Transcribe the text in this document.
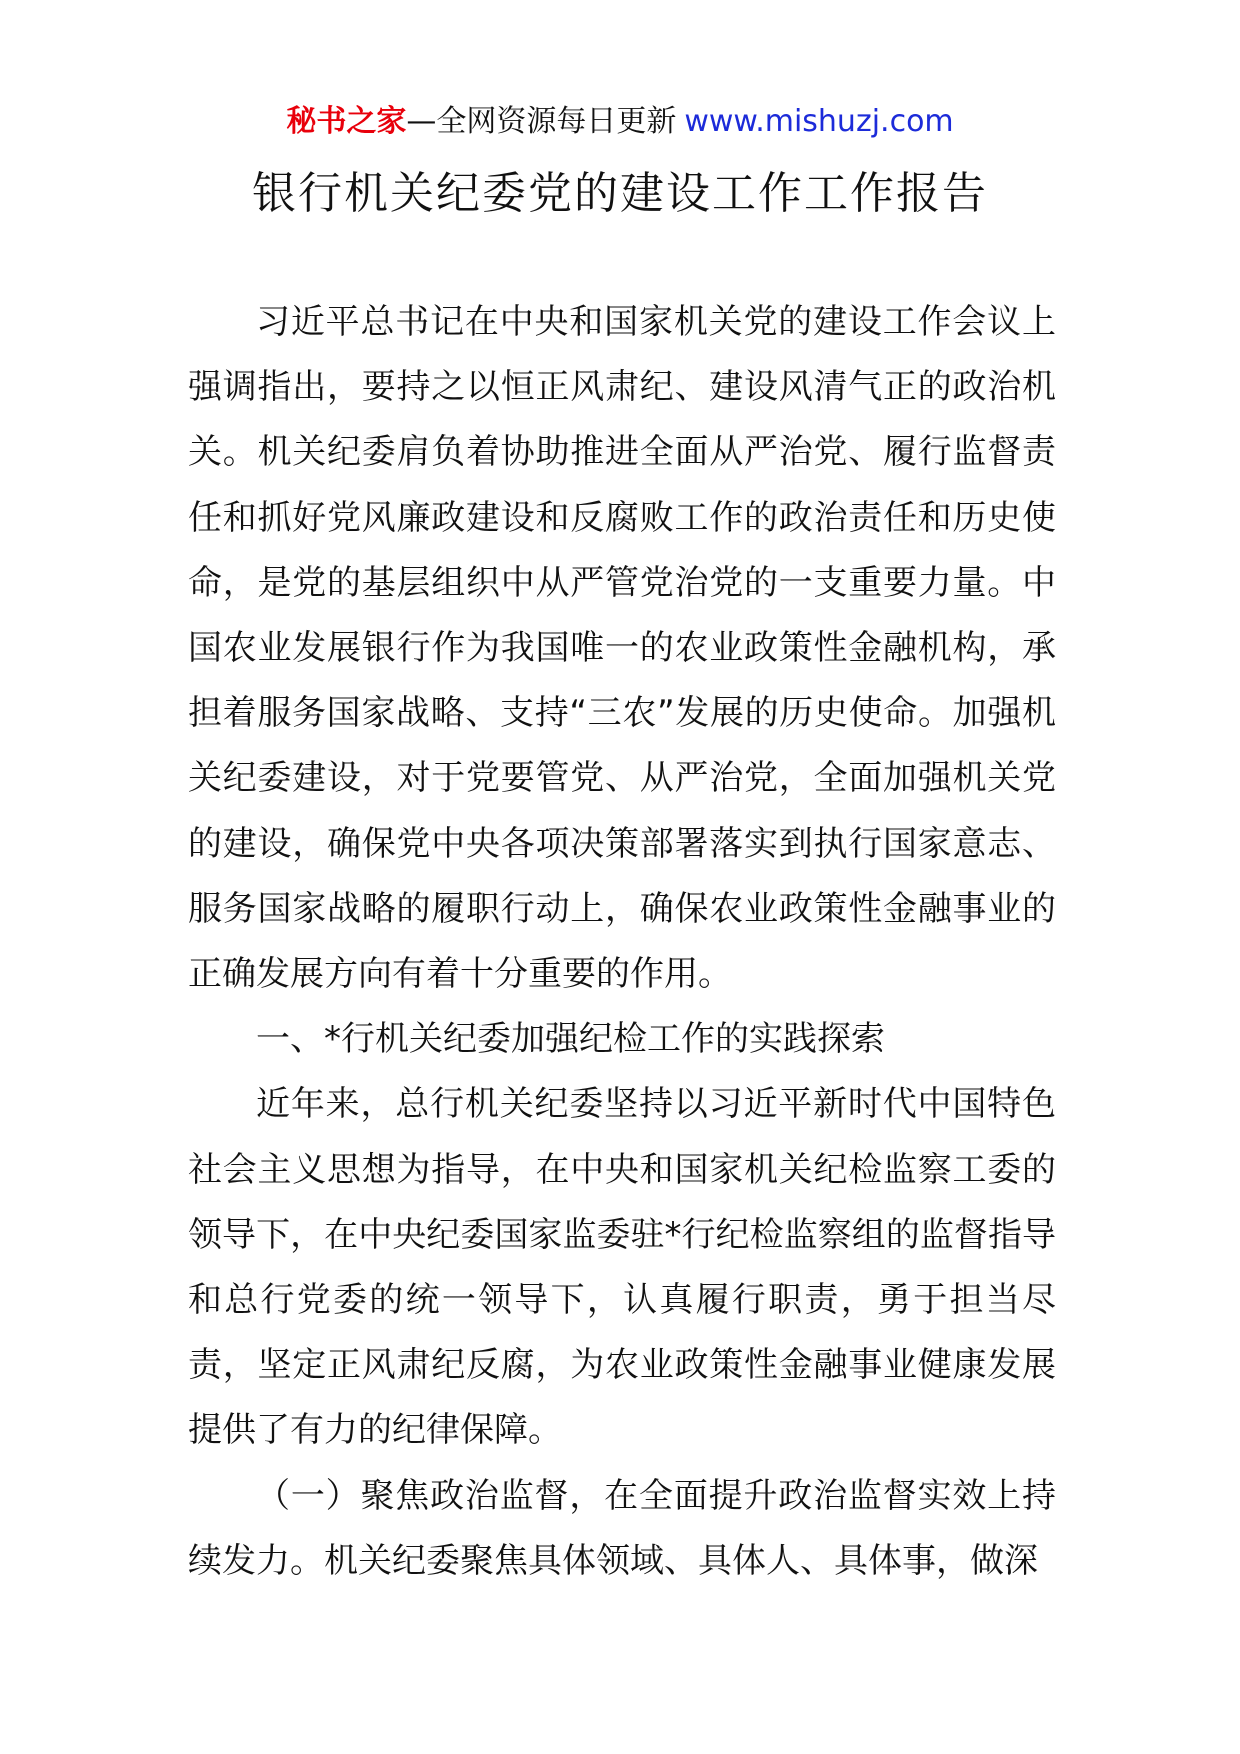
秘书之家—全网资源每日更新 www.mishuzj.com
银行机关纪委党的建设工作工作报告

习近平总书记在中央和国家机关党的建设工作会议上强调指出，要持之以恒正风肃纪、建设风清气正的政治机关。机关纪委肩负着协助推进全面从严治党、履行监督责任和抓好党风廉政建设和反腐败工作的政治责任和历史使命，是党的基层组织中从严管党治党的一支重要力量。中国农业发展银行作为我国唯一的农业政策性金融机构，承担着服务国家战略、支持“三农”发展的历史使命。加强机关纪委建设，对于党要管党、从严治党，全面加强机关党的建设，确保党中央各项决策部署落实到执行国家意志、服务国家战略的履职行动上，确保农业政策性金融事业的正确发展方向有着十分重要的作用。

一、*行机关纪委加强纪检工作的实践探索

近年来，总行机关纪委坚持以习近平新时代中国特色社会主义思想为指导，在中央和国家机关纪检监察工委的领导下，在中央纪委国家监委驻*行纪检监察组的监督指导和总行党委的统一领导下，认真履行职责，勇于担当尽责，坚定正风肃纪反腐，为农业政策性金融事业健康发展提供了有力的纪律保障。

（一）聚焦政治监督，在全面提升政治监督实效上持续发力。机关纪委聚焦具体领域、具体人、具体事，做深
